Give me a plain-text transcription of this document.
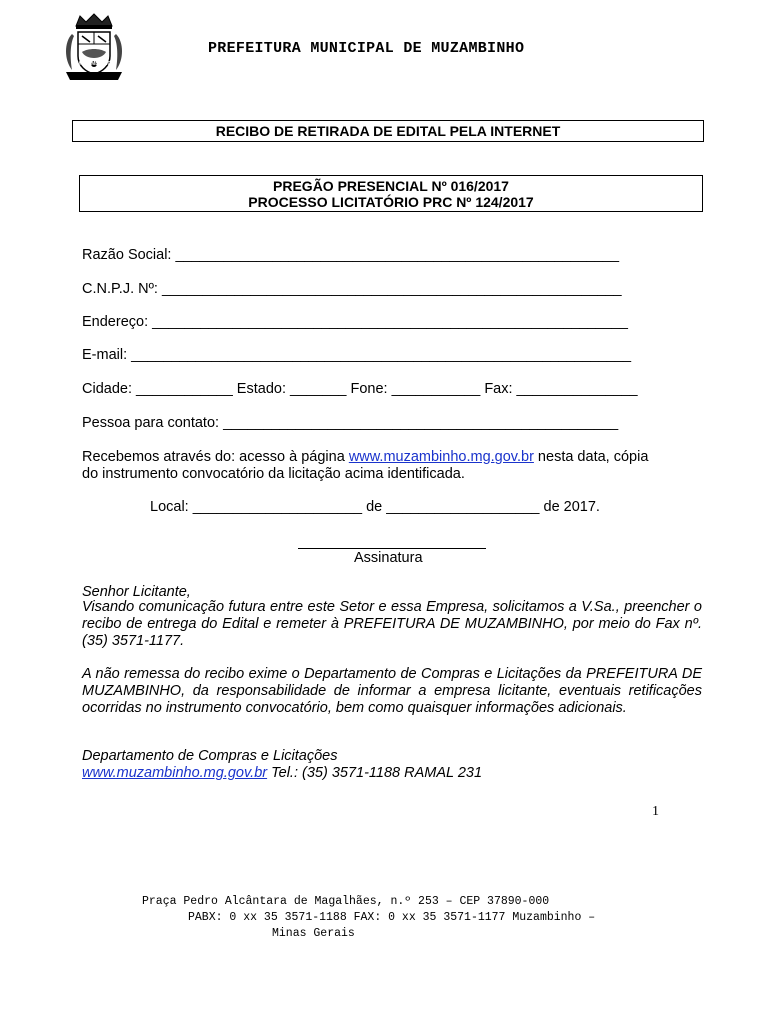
MUZAMBINHO
PREFEITURA MUNICIPAL DE MUZAMBINHO
RECIBO DE RETIRADA DE EDITAL PELA INTERNET
PREGÃO PRESENCIAL Nº 016/2017
PROCESSO LICITATÓRIO PRC Nº 124/2017
Razão Social: _______________________________________________________
C.N.P.J. Nº: _________________________________________________________
Endereço: ___________________________________________________________
E-mail: ______________________________________________________________
Cidade: ____________ Estado: _______ Fone: ___________ Fax: _______________
Pessoa para contato: _________________________________________________
Recebemos através do: acesso à página www.muzambinho.mg.gov.br nesta data, cópia
do instrumento convocatório da licitação acima identificada.
Local: _____________________ de ___________________ de 2017.
Assinatura
Senhor Licitante,
Visando comunicação futura entre este Setor e essa Empresa, solicitamos a V.Sa., preencher o recibo de entrega do Edital e remeter à PREFEITURA DE MUZAMBINHO, por meio do Fax nº. (35) 3571-1177.
A não remessa do recibo exime o Departamento de Compras e Licitações da PREFEITURA DE MUZAMBINHO, da responsabilidade de informar a empresa licitante, eventuais retificações ocorridas no instrumento convocatório, bem como quaisquer informações adicionais.
Departamento de Compras e Licitações
www.muzambinho.mg.gov.br Tel.: (35) 3571-1188 RAMAL 231
1
Praça Pedro Alcântara de Magalhães, n.º 253 – CEP 37890-000
PABX: 0 xx 35 3571-1188 FAX: 0 xx 35 3571-1177 Muzambinho –
Minas Gerais
